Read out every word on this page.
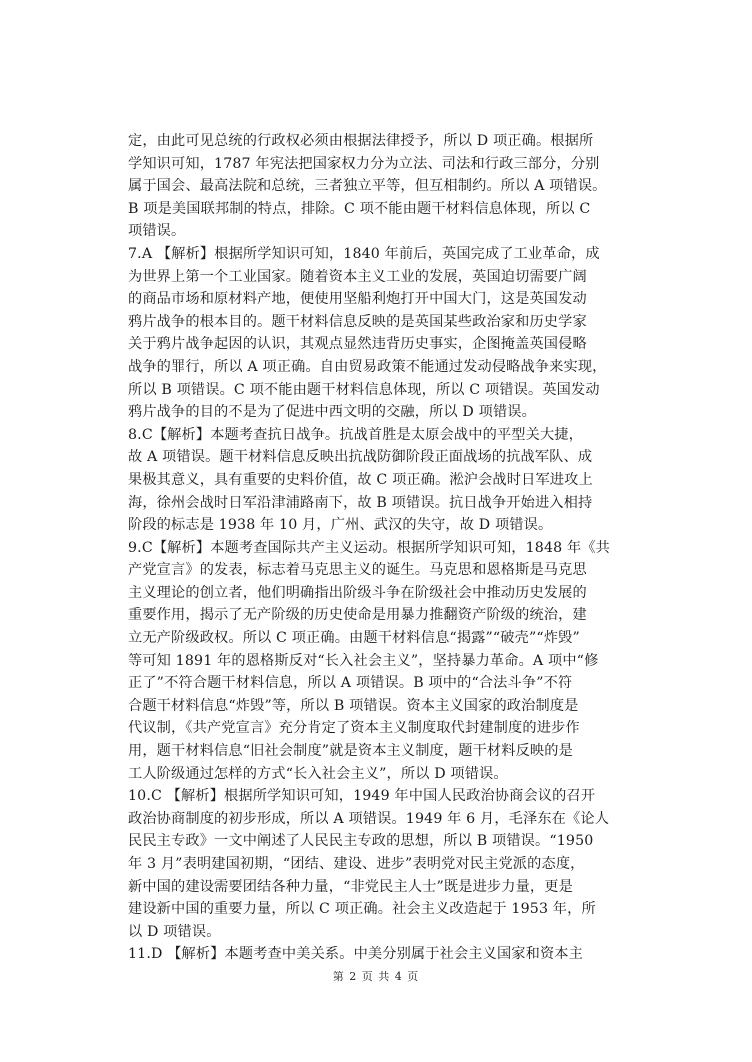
定，由此可见总统的行政权必须由根据法律授予，所以 D 项正确。根据所
学知识可知，1787 年宪法把国家权力分为立法、司法和行政三部分，分别
属于国会、最高法院和总统，三者独立平等，但互相制约。所以 A 项错误。
B 项是美国联邦制的特点，排除。C 项不能由题干材料信息体现，所以 C
项错误。
7.A 【解析】根据所学知识可知，1840 年前后，英国完成了工业革命，成
为世界上第一个工业国家。随着资本主义工业的发展，英国迫切需要广阔
的商品市场和原材料产地，便使用坚船利炮打开中国大门，这是英国发动
鸦片战争的根本目的。题干材料信息反映的是英国某些政治家和历史学家
关于鸦片战争起因的认识，其观点显然违背历史事实，企图掩盖英国侵略
战争的罪行，所以 A 项正确。自由贸易政策不能通过发动侵略战争来实现，
所以 B 项错误。C 项不能由题干材料信息体现，所以 C 项错误。英国发动
鸦片战争的目的不是为了促进中西文明的交融，所以 D 项错误。
8.C【解析】本题考查抗日战争。抗战首胜是太原会战中的平型关大捷，
故 A 项错误。题干材料信息反映出抗战防御阶段正面战场的抗战军队、成
果极其意义，具有重要的史料价值，故 C 项正确。淞沪会战时日军进攻上
海，徐州会战时日军沿津浦路南下，故 B 项错误。抗日战争开始进入相持
阶段的标志是 1938 年 10 月，广州、武汉的失守，故 D 项错误。
9.C【解析】本题考查国际共产主义运动。根据所学知识可知，1848 年《共
产党宣言》的发表，标志着马克思主义的诞生。马克思和恩格斯是马克思
主义理论的创立者，他们明确指出阶级斗争在阶级社会中推动历史发展的
重要作用，揭示了无产阶级的历史使命是用暴力推翻资产阶级的统治，建
立无产阶级政权。所以 C 项正确。由题干材料信息“揭露”“破壳”“炸毁”
等可知 1891 年的恩格斯反对“长入社会主义”，坚持暴力革命。A 项中“修
正了”不符合题干材料信息，所以 A 项错误。B 项中的“合法斗争”不符
合题干材料信息“炸毁”等，所以 B 项错误。资本主义国家的政治制度是
代议制，《共产党宣言》充分肯定了资本主义制度取代封建制度的进步作
用，题干材料信息“旧社会制度”就是资本主义制度，题干材料反映的是
工人阶级通过怎样的方式“长入社会主义”，所以 D 项错误。
10.C 【解析】根据所学知识可知，1949 年中国人民政治协商会议的召开
政治协商制度的初步形成，所以 A 项错误。1949 年 6 月，毛泽东在《论人
民民主专政》一文中阐述了人民民主专政的思想，所以 B 项错误。“1950
年 3 月”表明建国初期，“团结、建设、进步”表明党对民主党派的态度，
新中国的建设需要团结各种力量，“非党民主人士”既是进步力量，更是
建设新中国的重要力量，所以 C 项正确。社会主义改造起于 1953 年，所
以 D 项错误。
11.D 【解析】本题考查中美关系。中美分别属于社会主义国家和资本主
第 2 页 共 4 页
